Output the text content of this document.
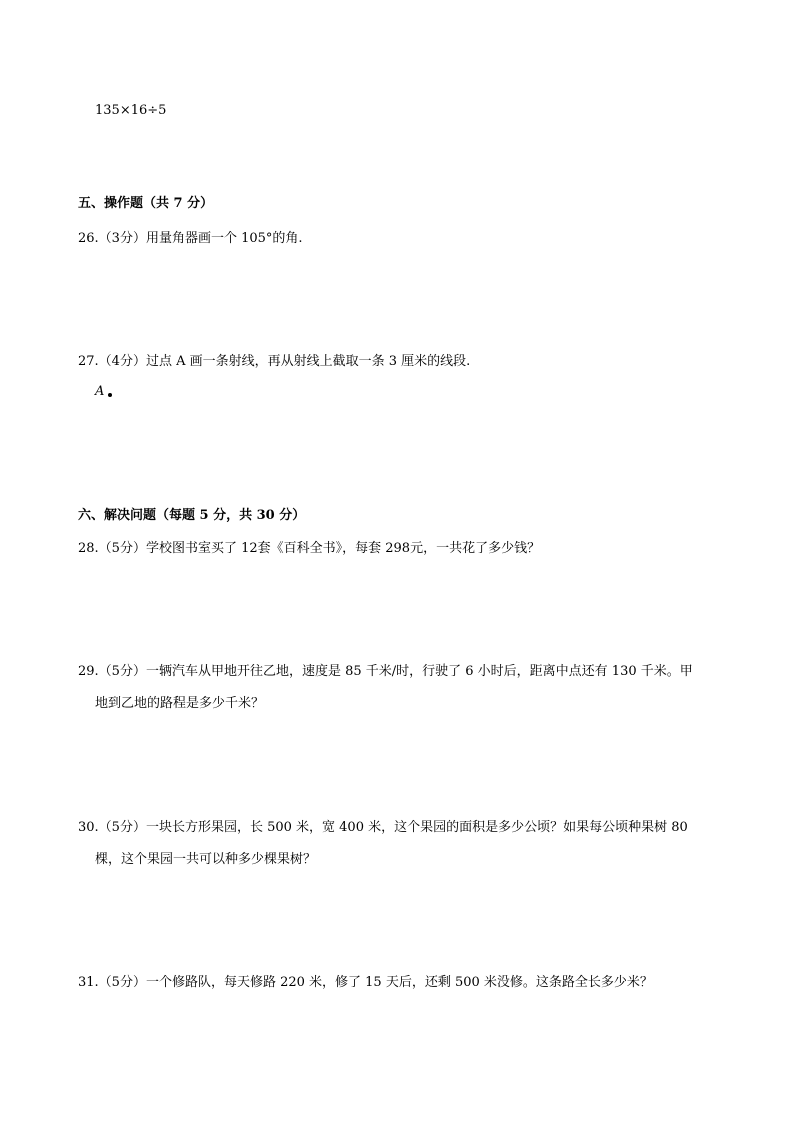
135×16÷5
五、操作题（共 7 分）
26.（3分）用量角器画一个 105°的角.
27.（4分）过点 A 画一条射线，再从射线上截取一条 3 厘米的线段.
A
六、解决问题（每题 5 分，共 30 分）
28.（5分）学校图书室买了 12套《百科全书》，每套 298元，一共花了多少钱？
29.（5分）一辆汽车从甲地开往乙地，速度是 85 千米/时，行驶了 6 小时后，距离中点还有 130 千米。甲
地到乙地的路程是多少千米？
30.（5分）一块长方形果园，长 500 米，宽 400 米，这个果园的面积是多少公顷？如果每公顷种果树 80
棵，这个果园一共可以种多少棵果树？
31.（5分）一个修路队，每天修路 220 米，修了 15 天后，还剩 500 米没修。这条路全长多少米？
